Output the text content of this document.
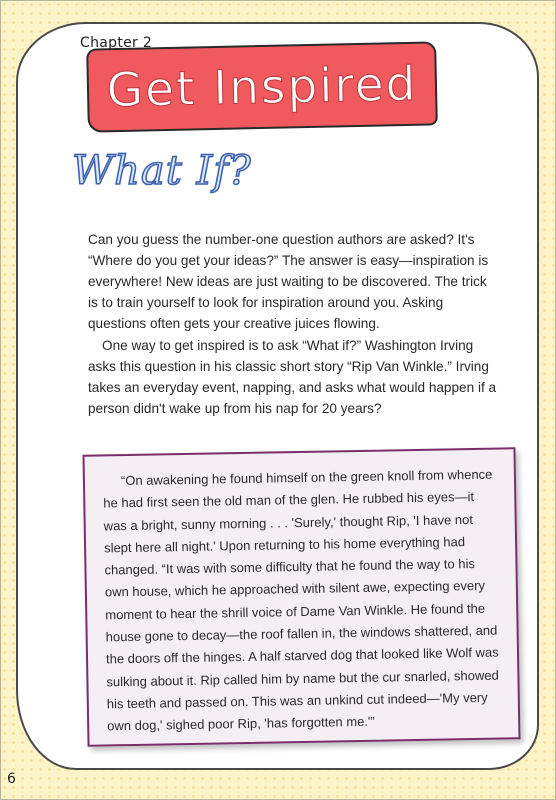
Chapter 2
Get Inspired
What If?

Can you guess the number-one question authors are asked? It's “Where do you get your ideas?” The answer is easy—inspiration is everywhere! New ideas are just waiting to be discovered. The trick is to train yourself to look for inspiration around you. Asking questions often gets your creative juices flowing.

One way to get inspired is to ask “What if?” Washington Irving asks this question in his classic short story “Rip Van Winkle.” Irving takes an everyday event, napping, and asks what would happen if a person didn't wake up from his nap for 20 years?

“On awakening he found himself on the green knoll from whence he had first seen the old man of the glen. He rubbed his eyes—it was a bright, sunny morning . . . 'Surely,' thought Rip, 'I have not slept here all night.' Upon returning to his home everything had changed. “It was with some difficulty that he found the way to his own house, which he approached with silent awe, expecting every moment to hear the shrill voice of Dame Van Winkle. He found the house gone to decay—the roof fallen in, the windows shattered, and the doors off the hinges. A half starved dog that looked like Wolf was sulking about it. Rip called him by name but the cur snarled, showed his teeth and passed on. This was an unkind cut indeed—'My very own dog,' sighed poor Rip, 'has forgotten me.'”

6
